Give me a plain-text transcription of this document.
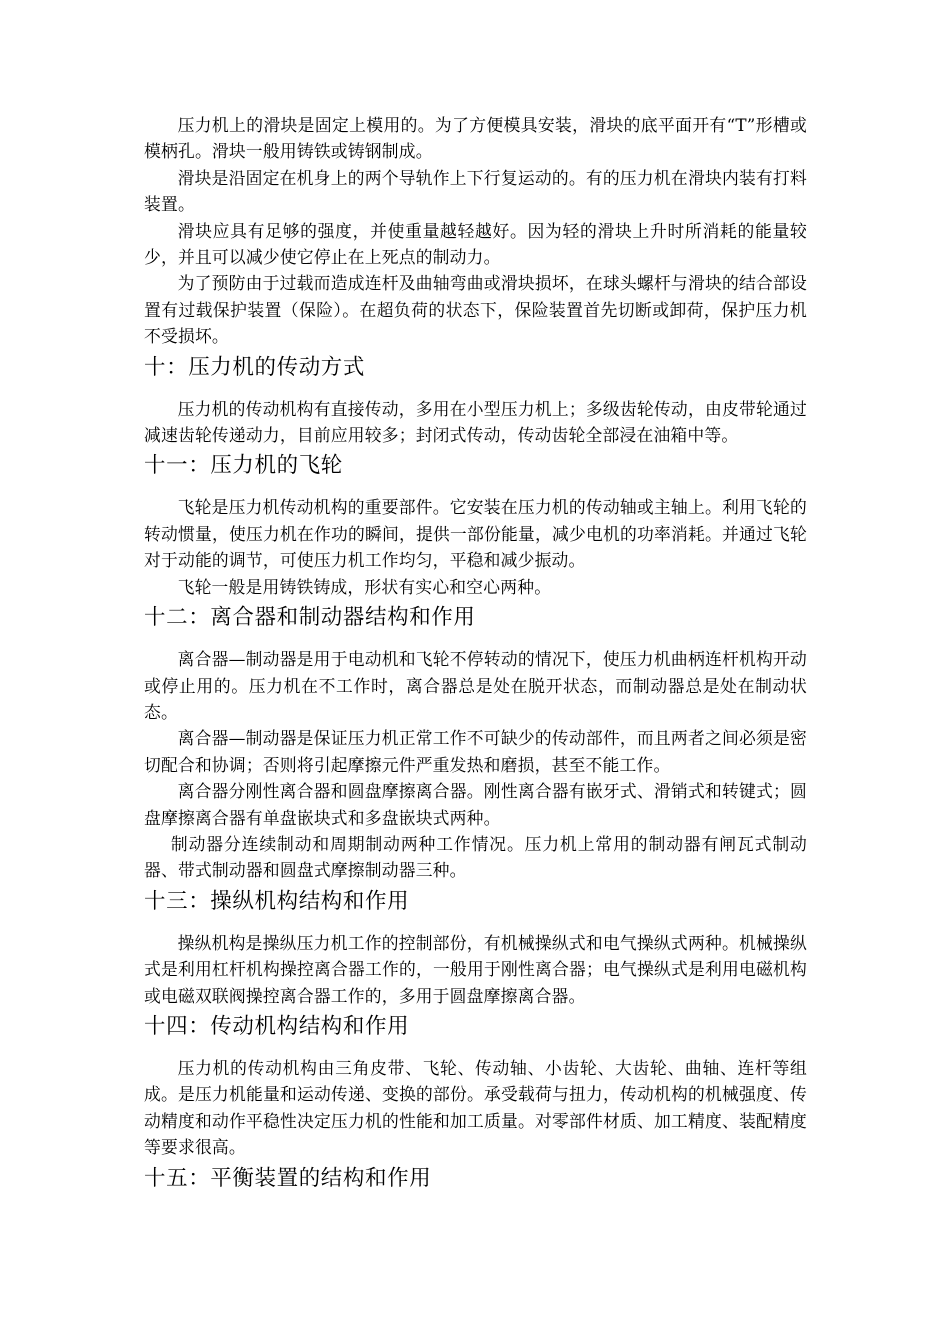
压力机上的滑块是固定上模用的。为了方便模具安装，滑块的底平面开有“T”形槽或模柄孔。滑块一般用铸铁或铸钢制成。

滑块是沿固定在机身上的两个导轨作上下行复运动的。有的压力机在滑块内装有打料装置。

滑块应具有足够的强度，并使重量越轻越好。因为轻的滑块上升时所消耗的能量较少，并且可以减少使它停止在上死点的制动力。

为了预防由于过载而造成连杆及曲轴弯曲或滑块损坏，在球头螺杆与滑块的结合部设置有过载保护装置（保险）。在超负荷的状态下，保险装置首先切断或卸荷，保护压力机不受损坏。

十：压力机的传动方式

压力机的传动机构有直接传动，多用在小型压力机上；多级齿轮传动，由皮带轮通过减速齿轮传递动力，目前应用较多；封闭式传动，传动齿轮全部浸在油箱中等。

十一：压力机的飞轮

飞轮是压力机传动机构的重要部件。它安装在压力机的传动轴或主轴上。利用飞轮的转动惯量，使压力机在作功的瞬间，提供一部份能量，减少电机的功率消耗。并通过飞轮对于动能的调节，可使压力机工作均匀，平稳和减少振动。

飞轮一般是用铸铁铸成，形状有实心和空心两种。

十二：离合器和制动器结构和作用

离合器—制动器是用于电动机和飞轮不停转动的情况下，使压力机曲柄连杆机构开动或停止用的。压力机在不工作时，离合器总是处在脱开状态，而制动器总是处在制动状态。

离合器—制动器是保证压力机正常工作不可缺少的传动部件，而且两者之间必须是密切配合和协调；否则将引起摩擦元件严重发热和磨损，甚至不能工作。

离合器分刚性离合器和圆盘摩擦离合器。刚性离合器有嵌牙式、滑销式和转键式；圆盘摩擦离合器有单盘嵌块式和多盘嵌块式两种。

制动器分连续制动和周期制动两种工作情况。压力机上常用的制动器有闸瓦式制动器、带式制动器和圆盘式摩擦制动器三种。

十三：操纵机构结构和作用

操纵机构是操纵压力机工作的控制部份，有机械操纵式和电气操纵式两种。机械操纵式是利用杠杆机构操控离合器工作的，一般用于刚性离合器；电气操纵式是利用电磁机构或电磁双联阀操控离合器工作的，多用于圆盘摩擦离合器。

十四：传动机构结构和作用

压力机的传动机构由三角皮带、飞轮、传动轴、小齿轮、大齿轮、曲轴、连杆等组成。是压力机能量和运动传递、变换的部份。承受载荷与扭力，传动机构的机械强度、传动精度和动作平稳性决定压力机的性能和加工质量。对零部件材质、加工精度、装配精度等要求很高。

十五：平衡装置的结构和作用
